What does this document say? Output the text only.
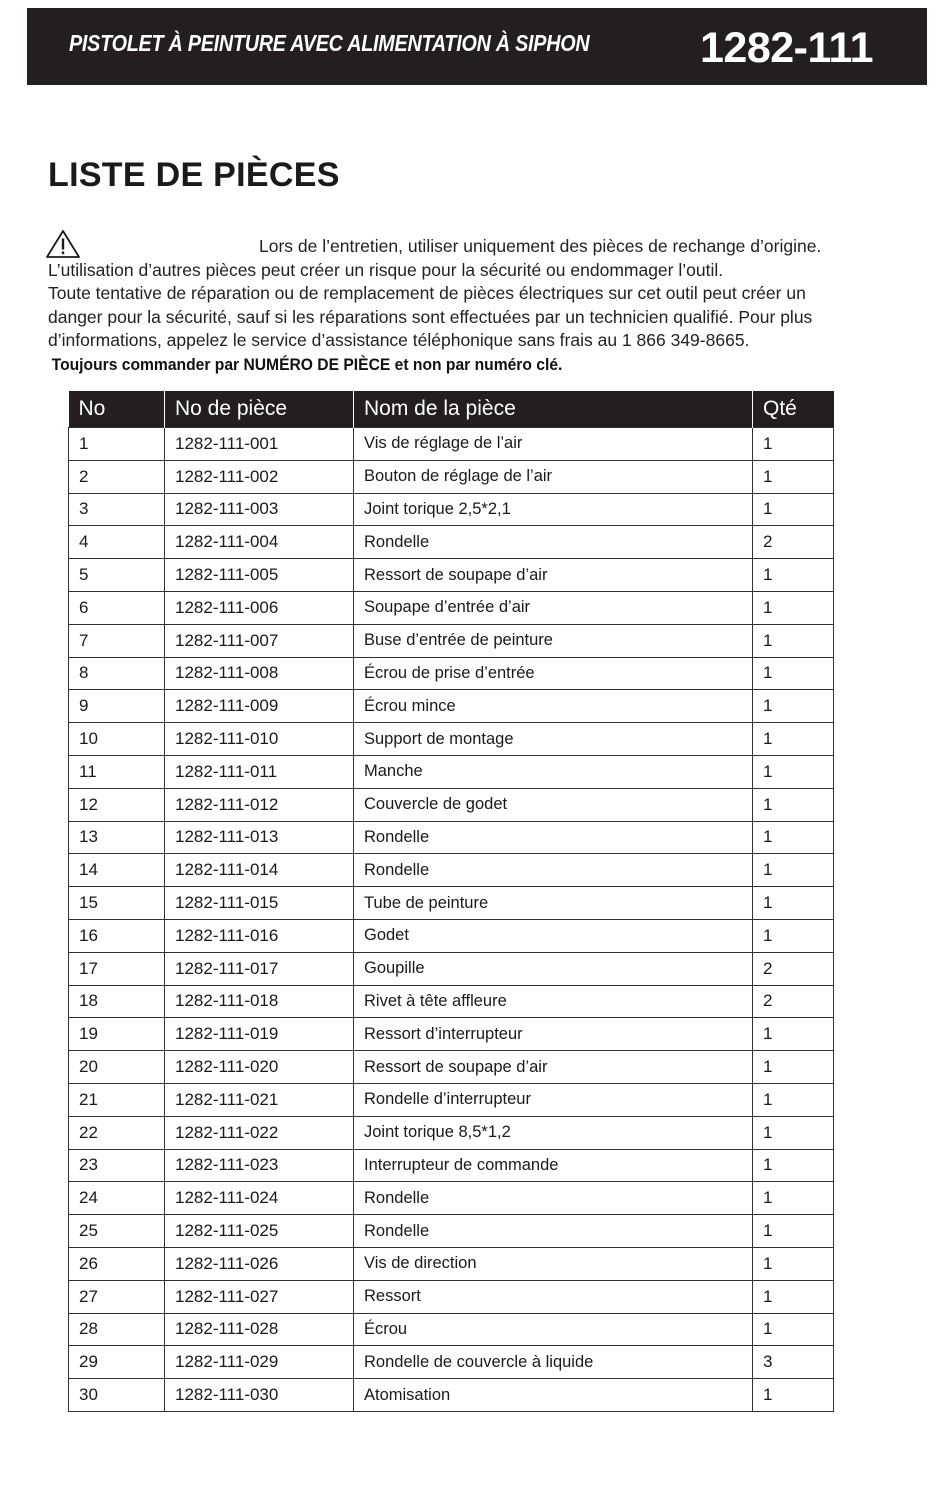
PISTOLET À PEINTURE AVEC ALIMENTATION À SIPHON	1282-111
LISTE DE PIÈCES
Lors de l’entretien, utiliser uniquement des pièces de rechange d’origine.
L’utilisation d’autres pièces peut créer un risque pour la sécurité ou endommager l’outil.
Toute tentative de réparation ou de remplacement de pièces électriques sur cet outil peut créer un
danger pour la sécurité, sauf si les réparations sont effectuées par un technicien qualifié. Pour plus
d’informations, appelez le service d’assistance téléphonique sans frais au 1 866 349-8665.
Toujours commander par NUMÉRO DE PIÈCE et non par numéro clé.
No	No de pièce	Nom de la pièce	Qté
1	1282-111-001	Vis de réglage de l’air	1
2	1282-111-002	Bouton de réglage de l’air	1
3	1282-111-003	Joint torique 2,5*2,1	1
4	1282-111-004	Rondelle	2
5	1282-111-005	Ressort de soupape d’air	1
6	1282-111-006	Soupape d’entrée d’air	1
7	1282-111-007	Buse d’entrée de peinture	1
8	1282-111-008	Écrou de prise d’entrée	1
9	1282-111-009	Écrou mince	1
10	1282-111-010	Support de montage	1
11	1282-111-011	Manche	1
12	1282-111-012	Couvercle de godet	1
13	1282-111-013	Rondelle	1
14	1282-111-014	Rondelle	1
15	1282-111-015	Tube de peinture	1
16	1282-111-016	Godet	1
17	1282-111-017	Goupille	2
18	1282-111-018	Rivet à tête affleure	2
19	1282-111-019	Ressort d’interrupteur	1
20	1282-111-020	Ressort de soupape d’air	1
21	1282-111-021	Rondelle d’interrupteur	1
22	1282-111-022	Joint torique 8,5*1,2	1
23	1282-111-023	Interrupteur de commande	1
24	1282-111-024	Rondelle	1
25	1282-111-025	Rondelle	1
26	1282-111-026	Vis de direction	1
27	1282-111-027	Ressort	1
28	1282-111-028	Écrou	1
29	1282-111-029	Rondelle de couvercle à liquide	3
30	1282-111-030	Atomisation	1
